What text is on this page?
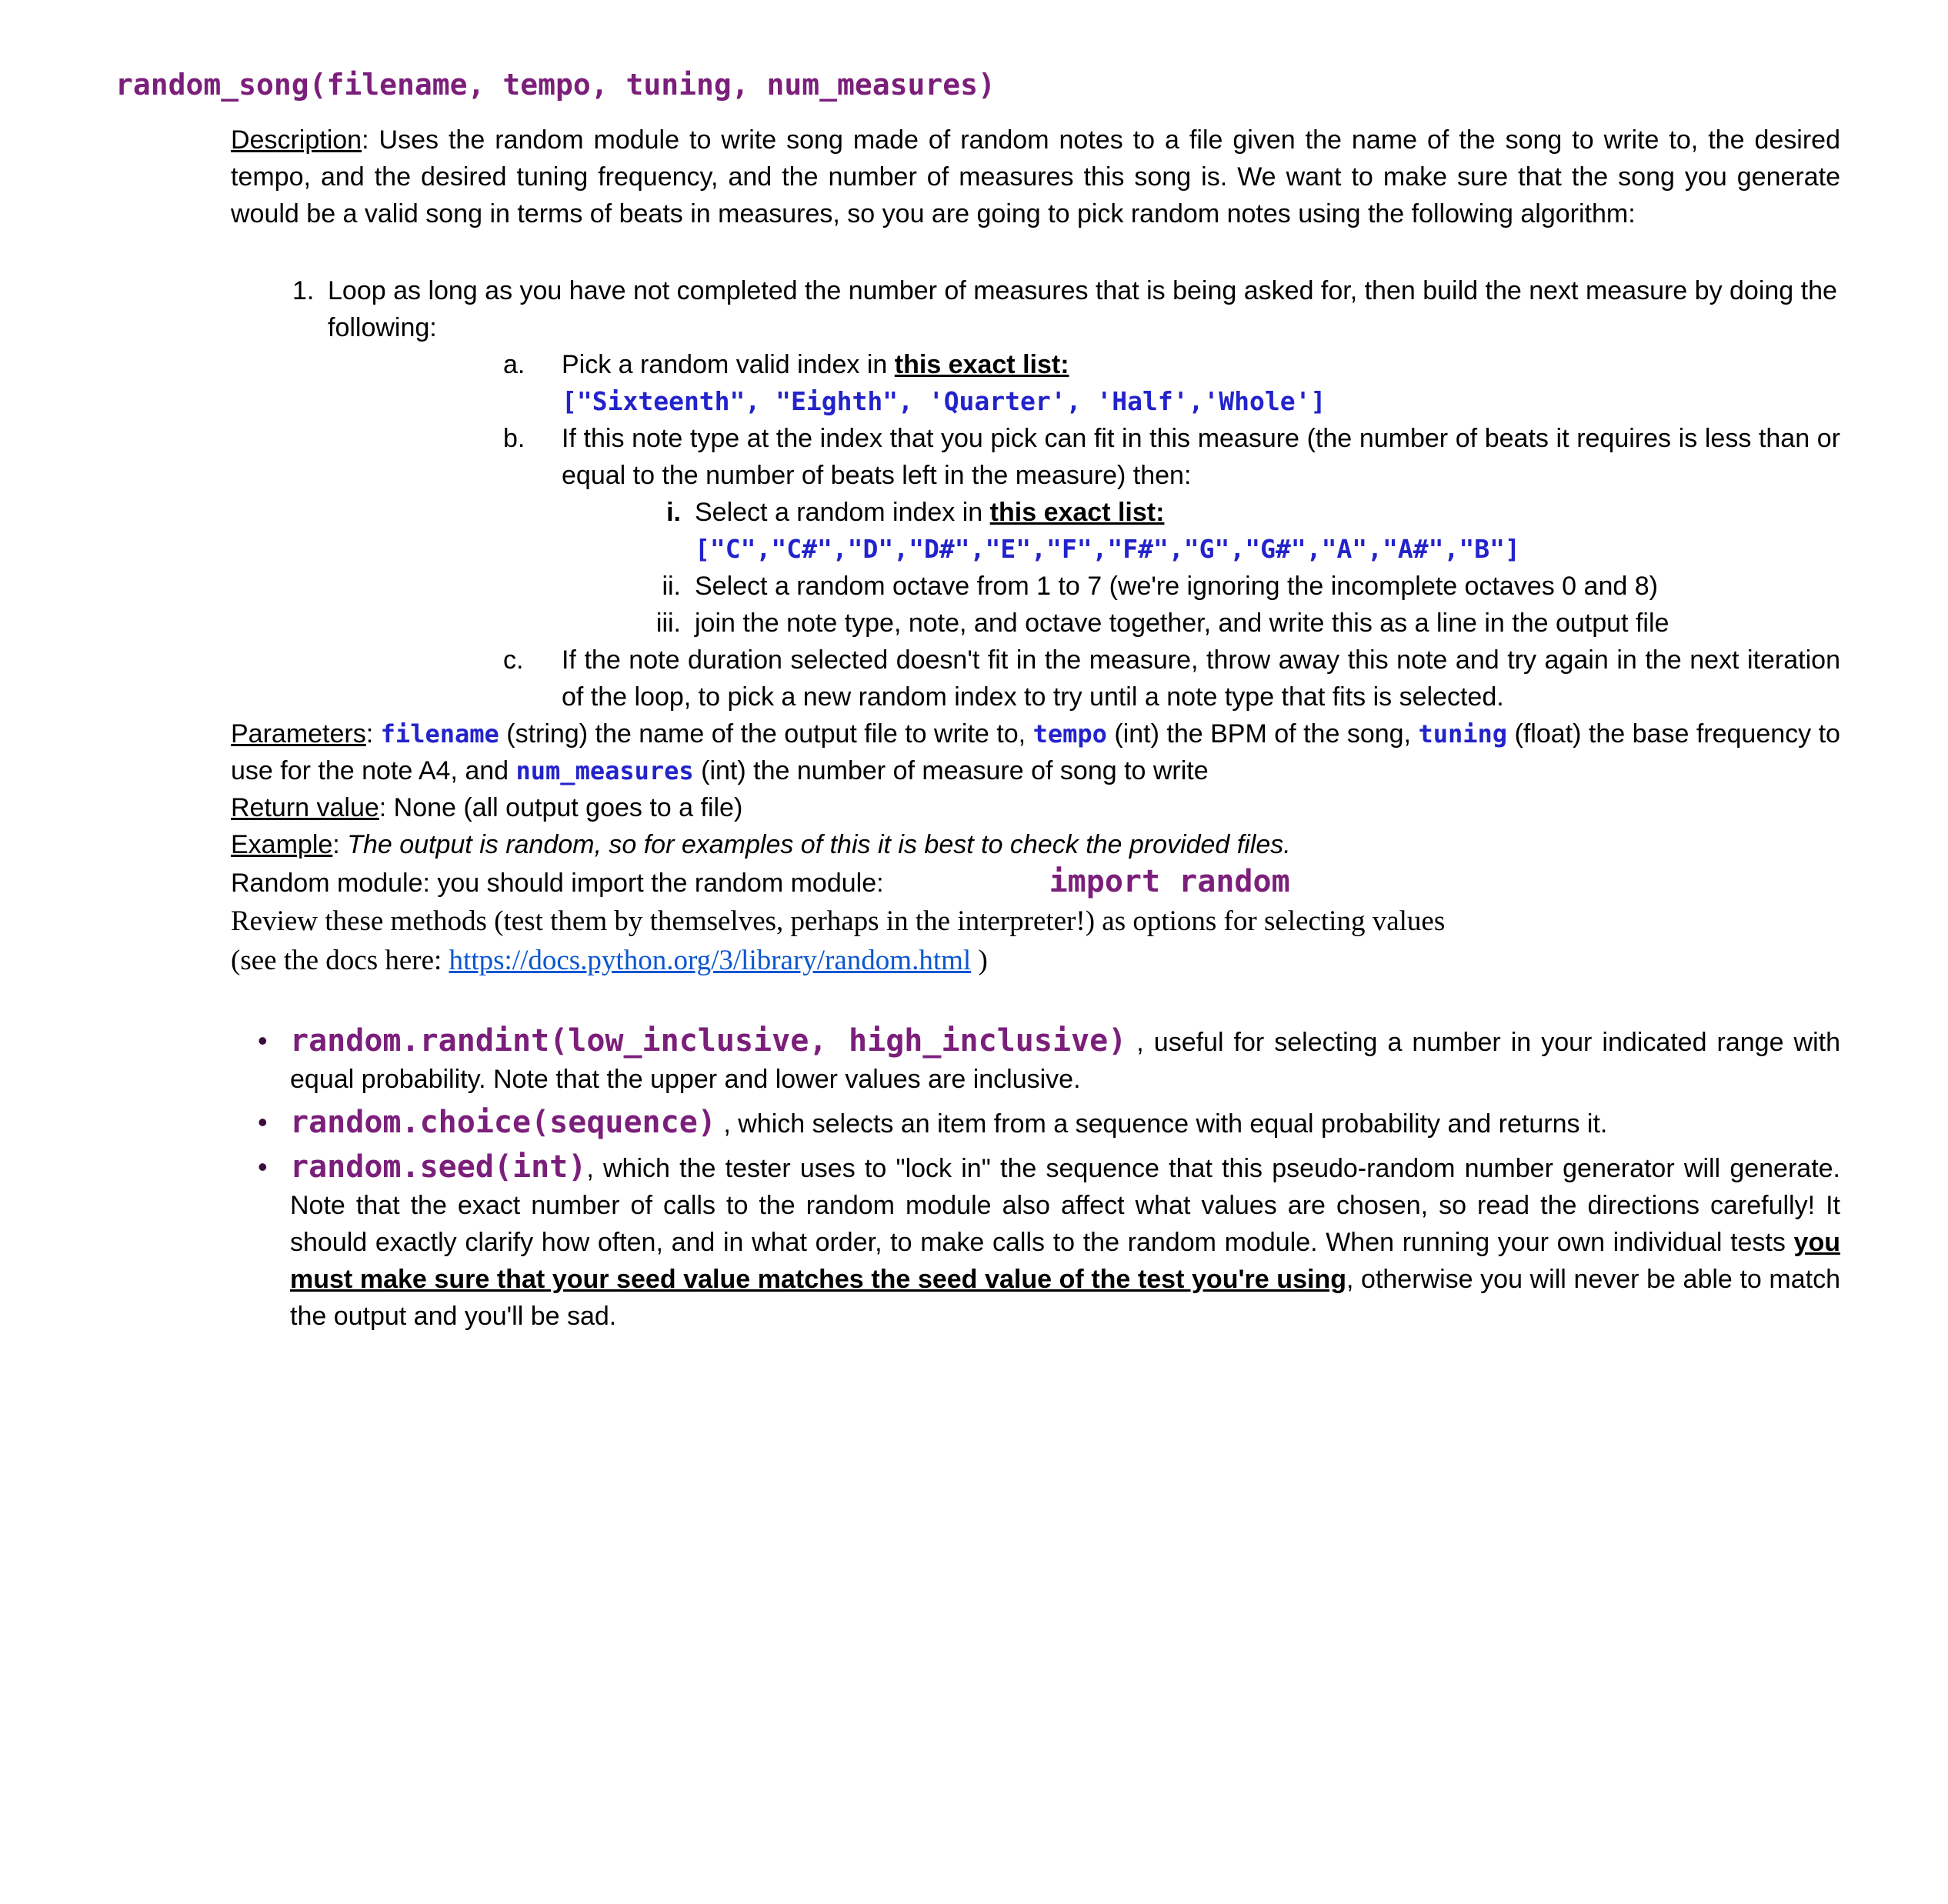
random_song(filename, tempo, tuning, num_measures)

Description: Uses the random module to write song made of random notes to a file given the name of the song to write to, the desired tempo, and the desired tuning frequency, and the number of measures this song is. We want to make sure that the song you generate would be a valid song in terms of beats in measures, so you are going to pick random notes using the following algorithm:

1. Loop as long as you have not completed the number of measures that is being asked for, then build the next measure by doing the following:
a.	Pick a random valid index in this exact list:
["Sixteenth", "Eighth", 'Quarter', 'Half','Whole']
b.	If this note type at the index that you pick can fit in this measure (the number of beats it requires is less than or equal to the number of beats left in the measure) then:
i. Select a random index in this exact list:
["C","C#","D","D#","E","F","F#","G","G#","A","A#","B"]
ii. Select a random octave from 1 to 7 (we're ignoring the incomplete octaves 0 and 8)
iii. join the note type, note, and octave together, and write this as a line in the output file
c.	If the note duration selected doesn't fit in the measure, throw away this note and try again in the next iteration of the loop, to pick a new random index to try until a note type that fits is selected.

Parameters: filename (string) the name of the output file to write to, tempo (int) the BPM of the song, tuning (float) the base frequency to use for the note A4, and num_measures (int) the number of measure of song to write

Return value: None (all output goes to a file)

Example: The output is random, so for examples of this it is best to check the provided files.

Random module: you should import the random module:	import random

Review these methods (test them by themselves, perhaps in the interpreter!) as options for selecting values
(see the docs here: https://docs.python.org/3/library/random.html )

• random.randint(low_inclusive, high_inclusive) , useful for selecting a number in your indicated range with equal probability. Note that the upper and lower values are inclusive.
• random.choice(sequence) , which selects an item from a sequence with equal probability and returns it.
• random.seed(int), which the tester uses to "lock in" the sequence that this pseudo-random number generator will generate. Note that the exact number of calls to the random module also affect what values are chosen, so read the directions carefully! It should exactly clarify how often, and in what order, to make calls to the random module. When running your own individual tests you must make sure that your seed value matches the seed value of the test you're using, otherwise you will never be able to match the output and you'll be sad.
